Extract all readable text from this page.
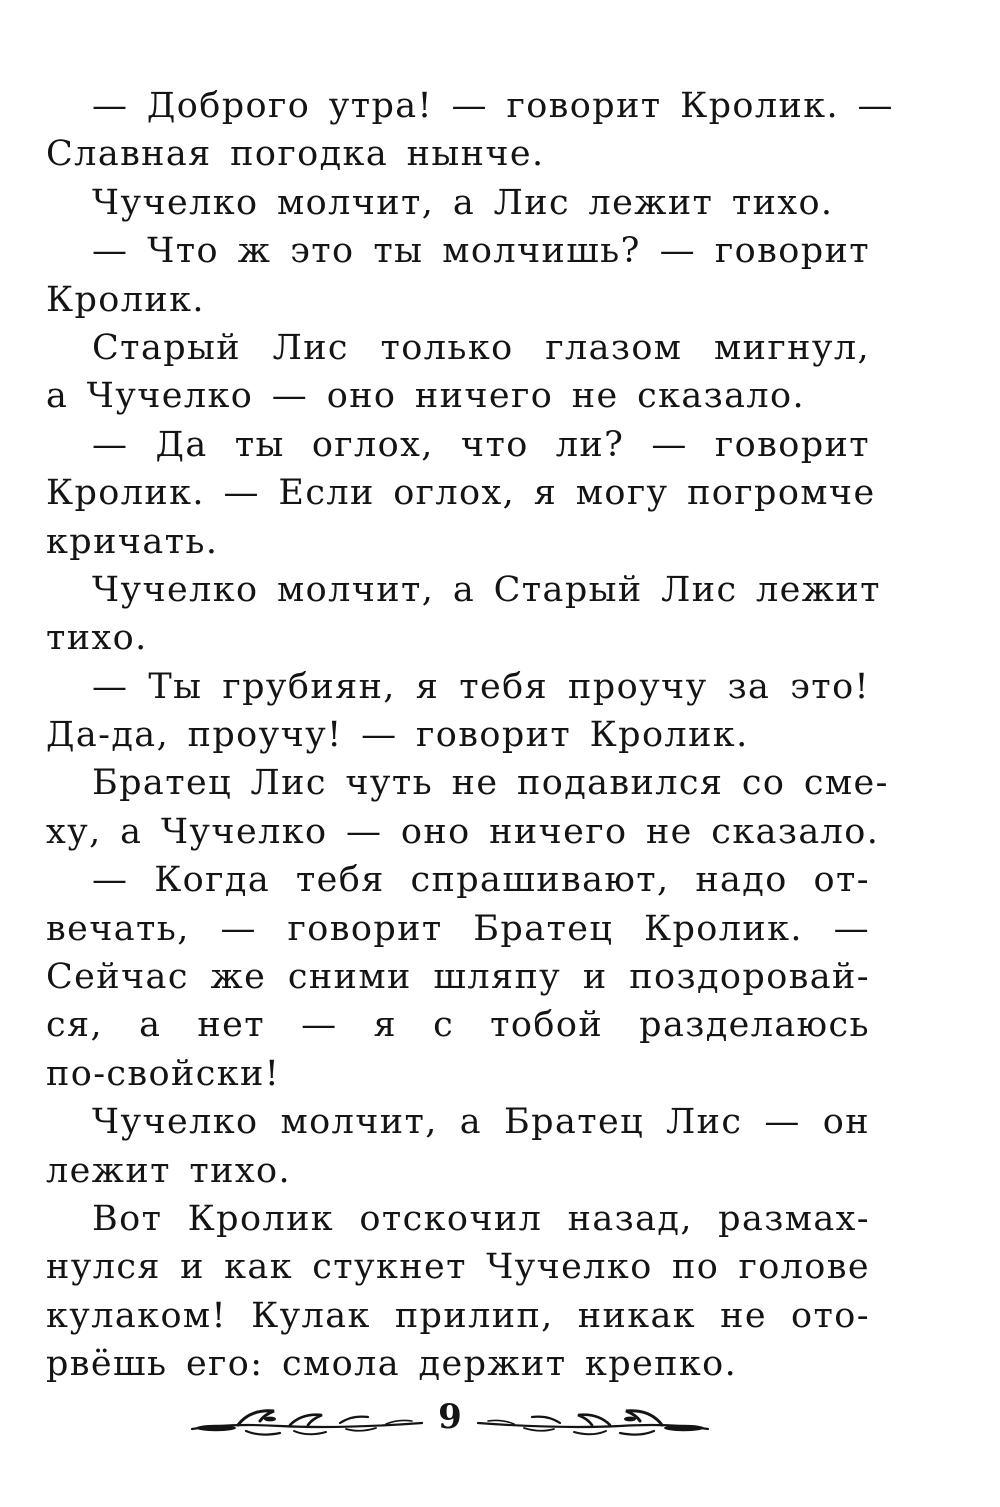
— Доброго утра! — говорит Кролик. —
Славная погодка нынче.
Чучелко молчит, а Лис лежит тихо.
— Что ж это ты молчишь? — говорит
Кролик.
Старый Лис только глазом мигнул,
а Чучелко — оно ничего не сказало.
— Да ты оглох, что ли? — говорит
Кролик. — Если оглох, я могу погромче
кричать.
Чучелко молчит, а Старый Лис лежит
тихо.
— Ты грубиян, я тебя проучу за это!
Да-да, проучу! — говорит Кролик.
Братец Лис чуть не подавился со сме-
ху, а Чучелко — оно ничего не сказало.
— Когда тебя спрашивают, надо от-
вечать, — говорит Братец Кролик. —
Сейчас же сними шляпу и поздоровай-
ся, а нет — я с тобой разделаюсь
по-свойски!
Чучелко молчит, а Братец Лис — он
лежит тихо.
Вот Кролик отскочил назад, размах-
нулся и как стукнет Чучелко по голове
кулаком! Кулак прилип, никак не ото-
рвёшь его: смола держит крепко.
9
